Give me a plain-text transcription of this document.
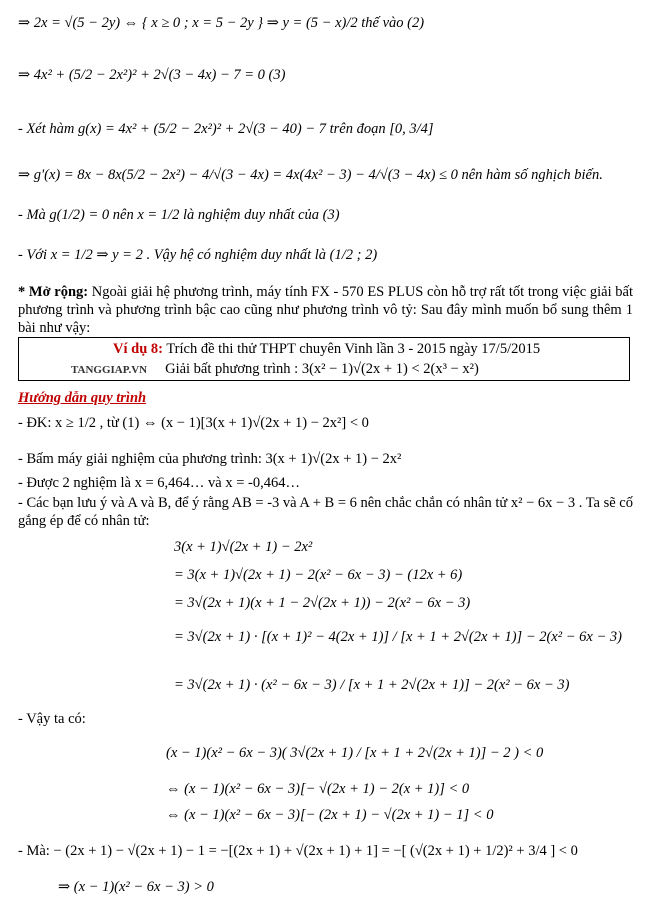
⇒ 2x = √(5 − 2y) ⇔ { x ≥ 0 ; x = 5 − 2y } ⇒ y = (5 − x)/2 thế vào (2)
⇒ 4x² + (5/2 − 2x²)² + 2√(3 − 4x) − 7 = 0 (3)
- Xét hàm g(x) = 4x² + (5/2 − 2x²)² + 2√(3 − 40) − 7 trên đoạn [0, 3/4]
⇒ g'(x) = 8x − 8x(5/2 − 2x²) − 4/√(3 − 4x) = 4x(4x² − 3) − 4/√(3 − 4x) ≤ 0 nên hàm số nghịch biến.
- Mà g(1/2) = 0 nên x = 1/2 là nghiệm duy nhất của (3)
- Với x = 1/2 ⇒ y = 2 . Vậy hệ có nghiệm duy nhất là (1/2 ; 2)
* Mở rộng: Ngoài giải hệ phương trình, máy tính FX - 570 ES PLUS còn hỗ trợ rất tốt trong việc giải bất phương trình và phương trình bậc cao cũng như phương trình vô tỷ: Sau đây mình muốn bổ sung thêm 1 bài như vậy:
Ví dụ 8: Trích đề thi thử THPT chuyên Vinh lần 3 - 2015 ngày 17/5/2015
TANGGIAP.VN Giải bất phương trình : 3(x² − 1)√(2x + 1) < 2(x³ − x²)
Hướng dẫn quy trình
- ĐK: x ≥ 1/2 , từ (1) ⇔ (x − 1)[3(x + 1)√(2x + 1) − 2x²] < 0
- Bấm máy giải nghiệm của phương trình: 3(x + 1)√(2x + 1) − 2x²
- Được 2 nghiệm là x = 6,464… và x = -0,464…
- Các bạn lưu ý và A và B, để ý rằng AB = -3 và A + B = 6 nên chắc chắn có nhân tử x² − 6x − 3 . Ta sẽ cố gắng ép để có nhân tử:
3(x + 1)√(2x + 1) − 2x²
= 3(x + 1)√(2x + 1) − 2(x² − 6x − 3) − (12x + 6)
= 3√(2x + 1)(x + 1 − 2√(2x + 1)) − 2(x² − 6x − 3)
= 3√(2x + 1) · [(x + 1)² − 4(2x + 1)] / [x + 1 + 2√(2x + 1)] − 2(x² − 6x − 3)
= 3√(2x + 1) · (x² − 6x − 3) / [x + 1 + 2√(2x + 1)] − 2(x² − 6x − 3)
- Vậy ta có:
(x − 1)(x² − 6x − 3)( 3√(2x + 1) / [x + 1 + 2√(2x + 1)] − 2 ) < 0
⇔ (x − 1)(x² − 6x − 3)[− √(2x + 1) − 2(x + 1)] < 0
⇔ (x − 1)(x² − 6x − 3)[− (2x + 1) − √(2x + 1) − 1] < 0
- Mà: − (2x + 1) − √(2x + 1) − 1 = −[(2x + 1) + √(2x + 1) + 1] = −[ (√(2x + 1) + 1/2)² + 3/4 ] < 0
⇒ (x − 1)(x² − 6x − 3) > 0
